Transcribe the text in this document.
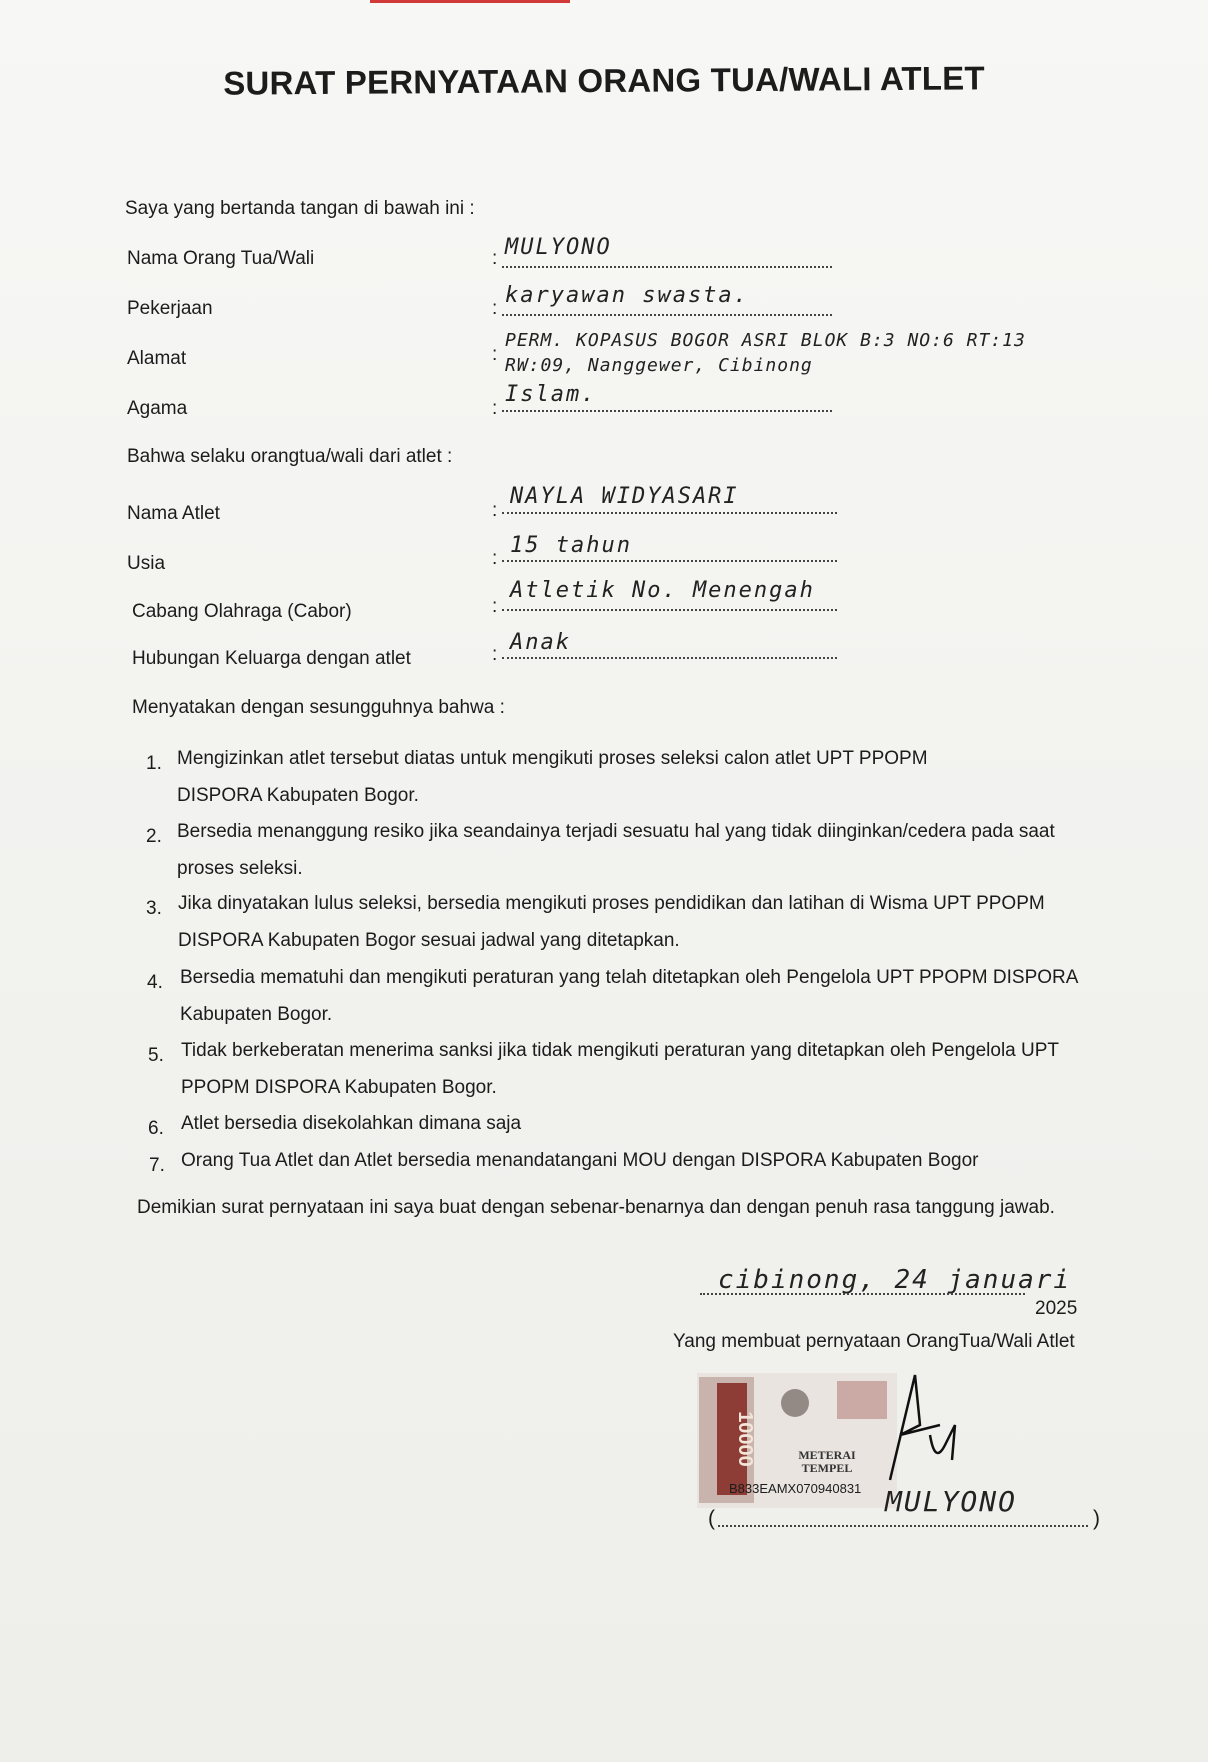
SURAT PERNYATAAN ORANG TUA/WALI ATLET
Saya yang bertanda tangan di bawah ini :
Nama Orang Tua/Wali	: MULYONO
Pekerjaan	:
karyawan swasta.
Alamat	:
PERM. KOPASUS BOGOR ASRI BLOK B:3 NO:6 RT:13
RW:09, Nanggewer, Cibinong
Agama	:
Islam.
Bahwa selaku orangtua/wali dari atlet :
Nama Atlet	:
NAYLA WIDYASARI
Usia	:
15 tahun
Cabang Olahraga (Cabor)	:
Atletik No. Menengah
Hubungan Keluarga dengan atlet	: Anak
Menyatakan dengan sesungguhnya bahwa :
1. Mengizinkan atlet tersebut diatas untuk mengikuti proses seleksi calon atlet UPT PPOPM DISPORA Kabupaten Bogor.
2. Bersedia menanggung resiko jika seandainya terjadi sesuatu hal yang tidak diinginkan/cedera pada saat proses seleksi.
3. Jika dinyatakan lulus seleksi, bersedia mengikuti proses pendidikan dan latihan di Wisma UPT PPOPM DISPORA Kabupaten Bogor sesuai jadwal yang ditetapkan.
4. Bersedia mematuhi dan mengikuti peraturan yang telah ditetapkan oleh Pengelola UPT PPOPM DISPORA Kabupaten Bogor.
5. Tidak berkeberatan menerima sanksi jika tidak mengikuti peraturan yang ditetapkan oleh Pengelola UPT PPOPM DISPORA Kabupaten Bogor.
6. Atlet bersedia disekolahkan dimana saja
7. Orang Tua Atlet dan Atlet bersedia menandatangani MOU dengan DISPORA Kabupaten Bogor
Demikian surat pernyataan ini saya buat dengan sebenar-benarnya dan dengan penuh rasa tanggung jawab.
cibinong, 24 januari
2025
Yang membuat pernyataan OrangTua/Wali Atlet
10000	METERAI
TEMPEL
B833EAMX070940831
(
MULYONO
)
